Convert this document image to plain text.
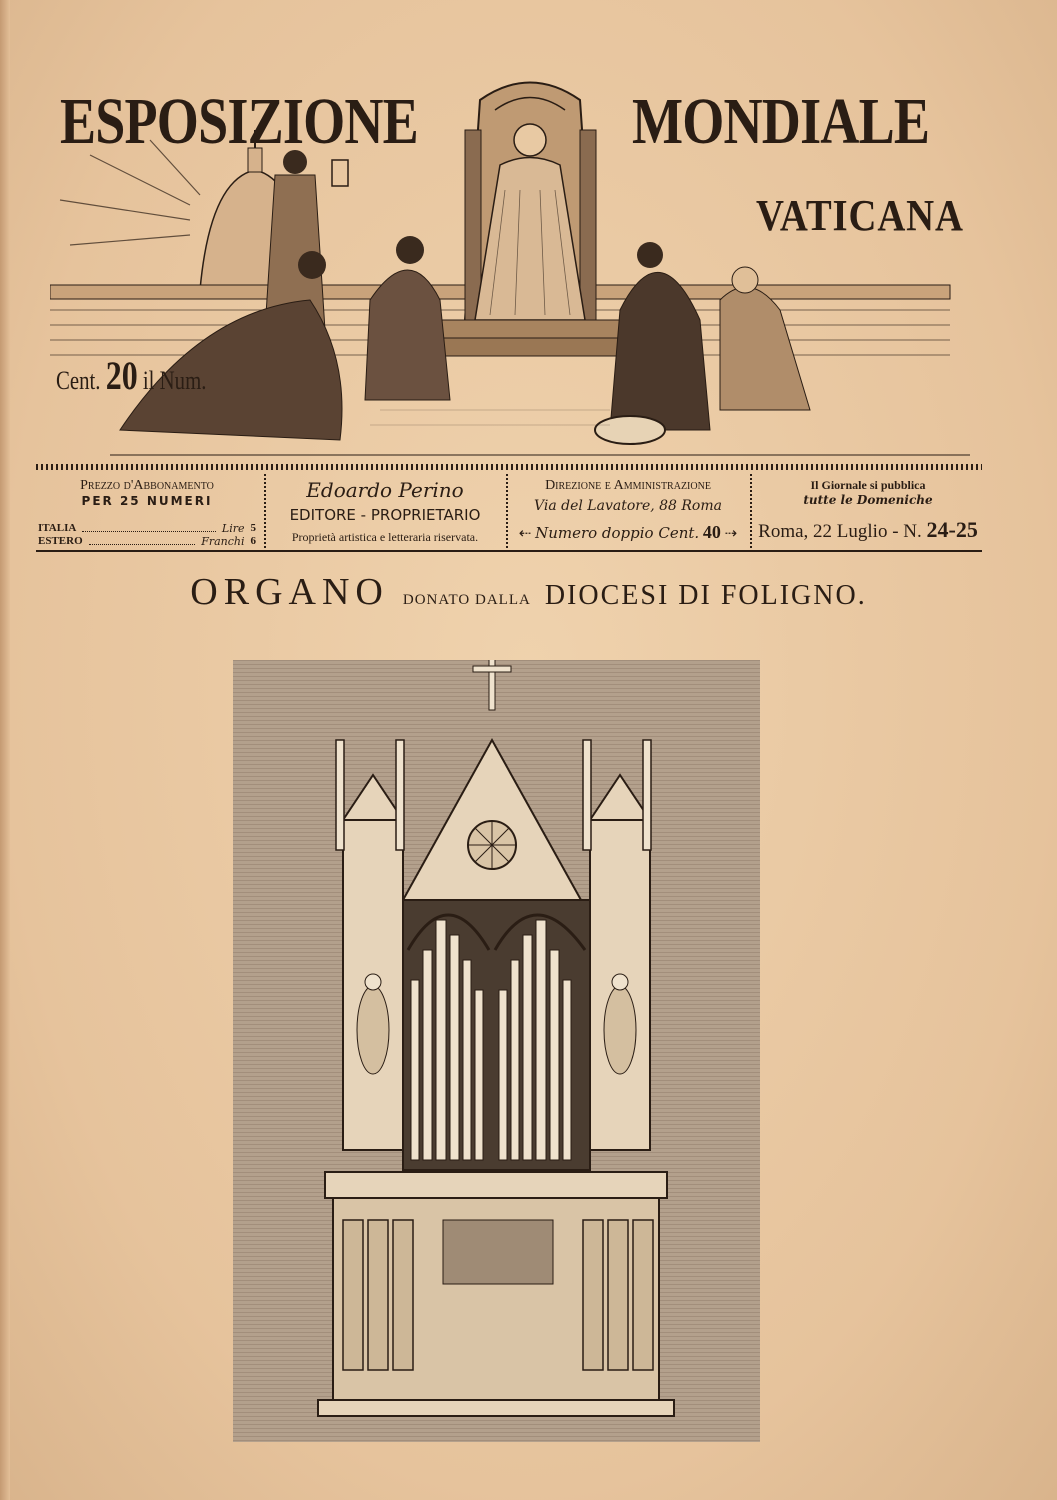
ESPOSIZIONE	MONDIALE
VATICANA
Cent. 20 il Num.
Prezzo d'Abbonamento
PER 25 NUMERI
ITALIA	Lire 5
ESTERO	Franchi 6
Edoardo Perino
EDITORE - PROPRIETARIO
Proprietà artistica e letteraria riservata.
Direzione e Amministrazione
Via del Lavatore, 88 Roma
⇠ Numero doppio Cent. 40 ⇢
Il Giornale si pubblica
tutte le Domeniche
Roma, 22 Luglio - N. 24-25
ORGANO DONATO DALLA DIOCESI DI FOLIGNO.
